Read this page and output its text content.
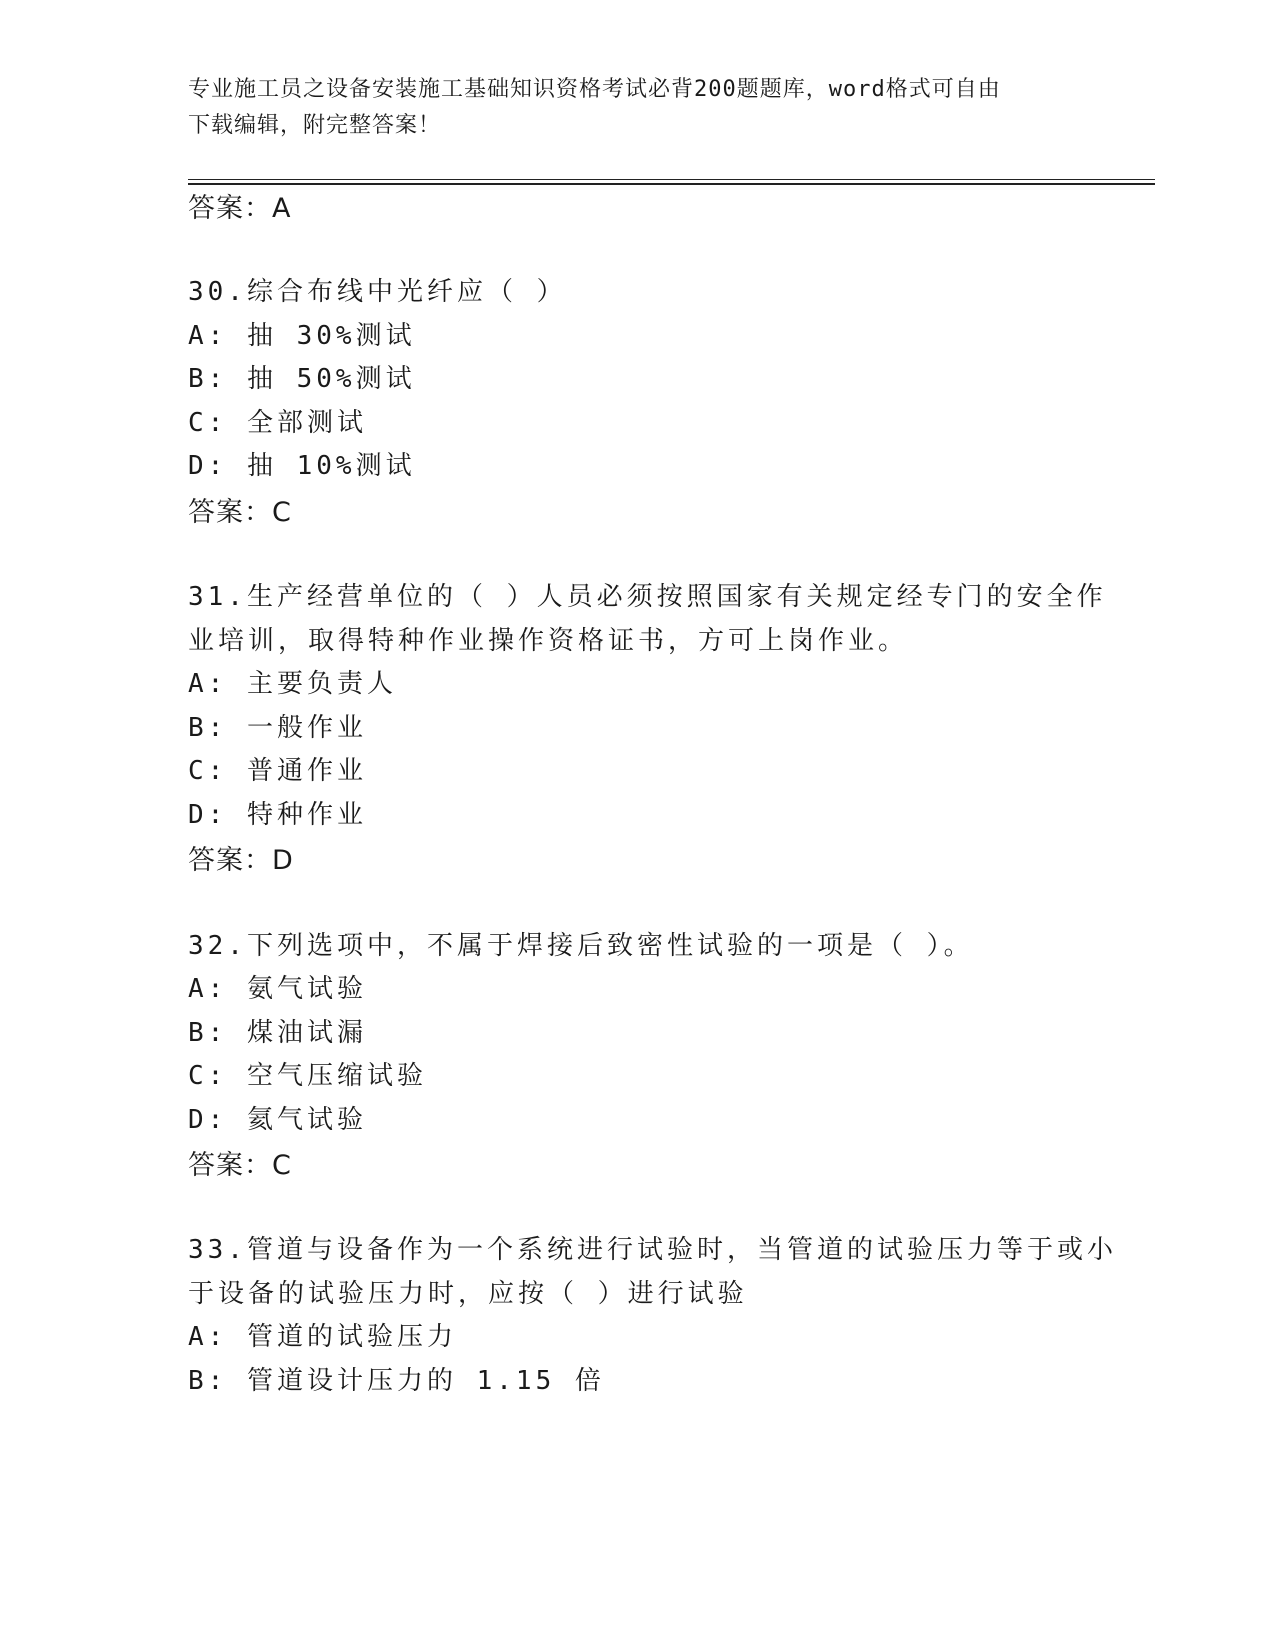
专业施工员之设备安装施工基础知识资格考试必背200题题库，word格式可自由
下载编辑，附完整答案！
答案：A
30.综合布线中光纤应（ ）
A: 抽 30%测试
B: 抽 50%测试
C: 全部测试
D: 抽 10%测试
答案：C
31.生产经营单位的（ ）人员必须按照国家有关规定经专门的安全作
业培训，取得特种作业操作资格证书，方可上岗作业。
A: 主要负责人
B: 一般作业
C: 普通作业
D: 特种作业
答案：D
32.下列选项中，不属于焊接后致密性试验的一项是（ ）。
A: 氨气试验
B: 煤油试漏
C: 空气压缩试验
D: 氦气试验
答案：C
33.管道与设备作为一个系统进行试验时，当管道的试验压力等于或小
于设备的试验压力时，应按（ ）进行试验
A: 管道的试验压力
B: 管道设计压力的 1.15 倍
